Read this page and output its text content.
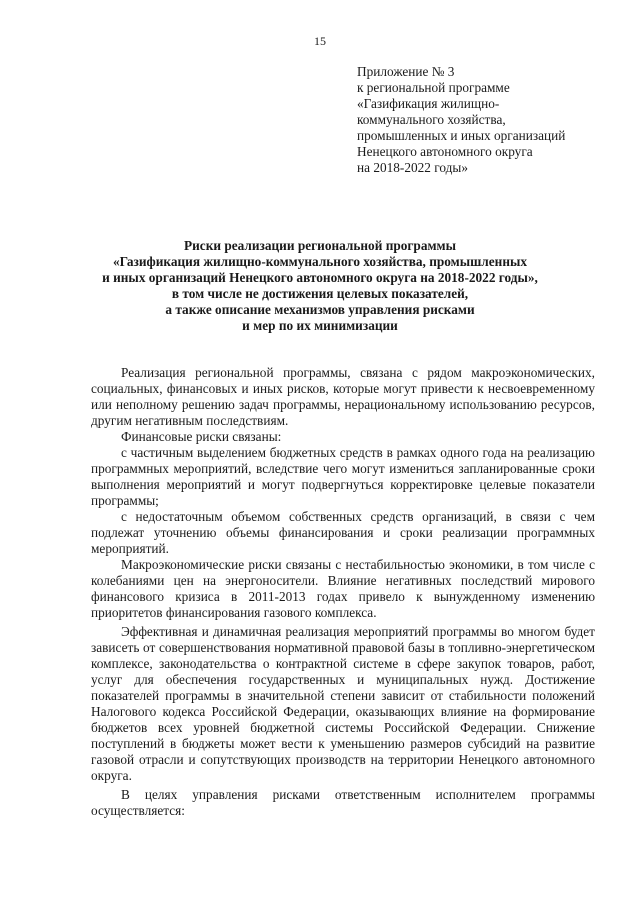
15
Приложение № 3
к региональной программе
«Газификация жилищно-
коммунального хозяйства,
промышленных и иных организаций
Ненецкого автономного округа
на 2018-2022 годы»
Риски реализации региональной программы
«Газификация жилищно-коммунального хозяйства, промышленных
и иных организаций Ненецкого автономного округа на 2018-2022 годы»,
в том числе не достижения целевых показателей,
а также описание механизмов управления рисками
и мер по их минимизации

Реализация региональной программы, связана с рядом макроэкономических, социальных, финансовых и иных рисков, которые могут привести к несвоевременному или неполному решению задач программы, нерациональному использованию ресурсов, другим негативным последствиям.

Финансовые риски связаны:

с частичным выделением бюджетных средств в рамках одного года на реализацию программных мероприятий, вследствие чего могут измениться запланированные сроки выполнения мероприятий и могут подвергнуться корректировке целевые показатели программы;

с недостаточным объемом собственных средств организаций, в связи с чем подлежат уточнению объемы финансирования и сроки реализации программных мероприятий.

Макроэкономические риски связаны с нестабильностью экономики, в том числе с колебаниями цен на энергоносители. Влияние негативных последствий мирового финансового кризиса в 2011-2013 годах привело к вынужденному изменению приоритетов финансирования газового комплекса.

Эффективная и динамичная реализация мероприятий программы во многом будет зависеть от совершенствования нормативной правовой базы в топливно-энергетическом комплексе, законодательства о контрактной системе в сфере закупок товаров, работ, услуг для обеспечения государственных и муниципальных нужд. Достижение показателей программы в значительной степени зависит от стабильности положений Налогового кодекса Российской Федерации, оказывающих влияние на формирование бюджетов всех уровней бюджетной системы Российской Федерации. Снижение поступлений в бюджеты может вести к уменьшению размеров субсидий на развитие газовой отрасли и сопутствующих производств на территории Ненецкого автономного округа.

В целях управления рисками ответственным исполнителем программы осуществляется:
